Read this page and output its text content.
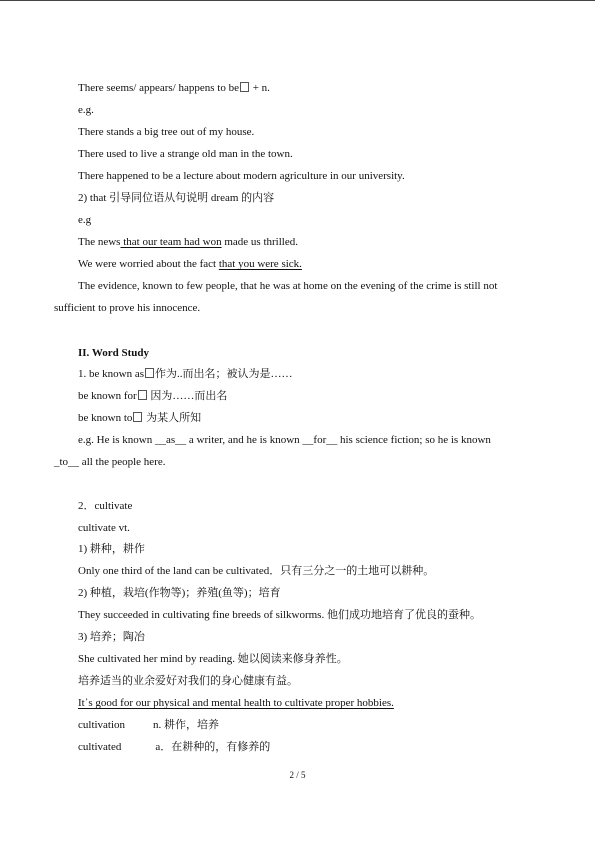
There seems/ appears/ happens to be + n.
e.g.
There stands a big tree out of my house.
There used to live a strange old man in the town.
There happened to be a lecture about modern agriculture in our university.
2) that 引导同位语从句说明 dream 的内容
e.g
The news that our team had won made us thrilled.
We were worried about the fact that you were sick.
The evidence, known to few people, that he was at home on the evening of the crime is still not
sufficient to prove his innocence.
II. Word Study
1. be known as 作为..而出名；被认为是……
be known for 因为……而出名
be known to 为某人所知
e.g. He is known __as__ a writer, and he is known __for__ his science fiction; so he is known
_to__ all the people here.
2．cultivate
cultivate vt.
1) 耕种，耕作
Only one third of the land can be cultivated．只有三分之一的土地可以耕种。
2) 种植，栽培(作物等)；养殖(鱼等)；培育
They succeeded in cultivating fine breeds of silkworms. 他们成功地培育了优良的蚕种。
3) 培养；陶冶
She cultivated her mind by reading. 她以阅读来修身养性。
培养适当的业余爱好对我们的身心健康有益。
It᾿s good for our physical and mental health to cultivate proper hobbies.
cultivation	n. 耕作，培养
cultivated	a．在耕种的，有修养的
2 / 5
